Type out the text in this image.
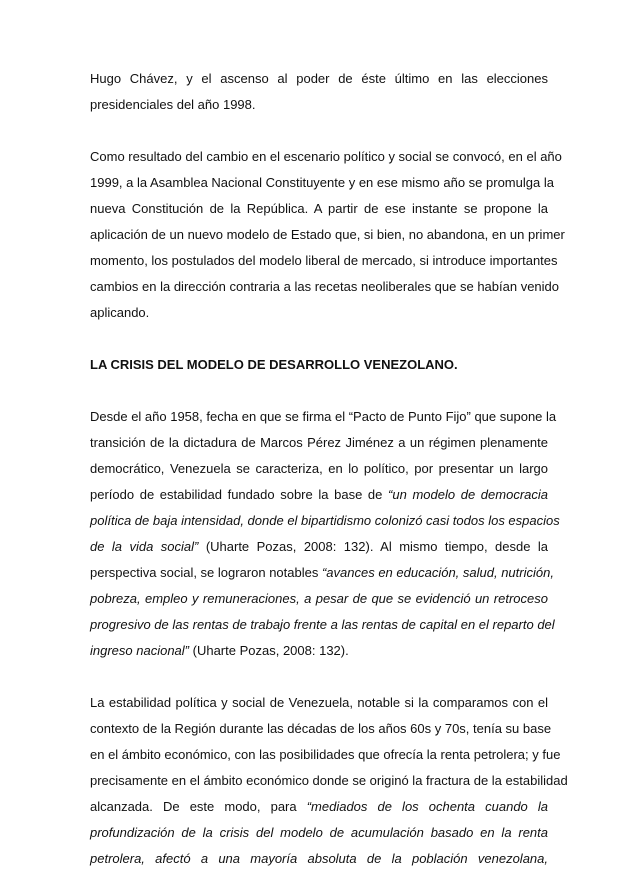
Hugo Chávez, y el ascenso al poder de éste último en las elecciones
presidenciales del año 1998.

Como resultado del cambio en el escenario político y social se convocó, en el año
1999, a la Asamblea Nacional Constituyente y en ese mismo año se promulga la
nueva Constitución de la República. A partir de ese instante se propone la
aplicación de un nuevo modelo de Estado que, si bien, no abandona, en un primer
momento, los postulados del modelo liberal de mercado, si introduce importantes
cambios en la dirección contraria a las recetas neoliberales que se habían venido
aplicando.

LA CRISIS DEL MODELO DE DESARROLLO VENEZOLANO.

Desde el año 1958, fecha en que se firma el “Pacto de Punto Fijo” que supone la
transición de la dictadura de Marcos Pérez Jiménez a un régimen plenamente
democrático, Venezuela se caracteriza, en lo político, por presentar un largo
período de estabilidad fundado sobre la base de “un modelo de democracia
política de baja intensidad, donde el bipartidismo colonizó casi todos los espacios
de la vida social” (Uharte Pozas, 2008: 132). Al mismo tiempo, desde la
perspectiva social, se lograron notables “avances en educación, salud, nutrición,
pobreza, empleo y remuneraciones, a pesar de que se evidenció un retroceso
progresivo de las rentas de trabajo frente a las rentas de capital en el reparto del
ingreso nacional” (Uharte Pozas, 2008: 132).

La estabilidad política y social de Venezuela, notable si la comparamos con el
contexto de la Región durante las décadas de los años 60s y 70s, tenía su base
en el ámbito económico, con las posibilidades que ofrecía la renta petrolera; y fue
precisamente en el ámbito económico donde se originó la fractura de la estabilidad
alcanzada. De este modo, para “mediados de los ochenta cuando la
profundización de la crisis del modelo de acumulación basado en la renta
petrolera, afectó a una mayoría absoluta de la población venezolana,
